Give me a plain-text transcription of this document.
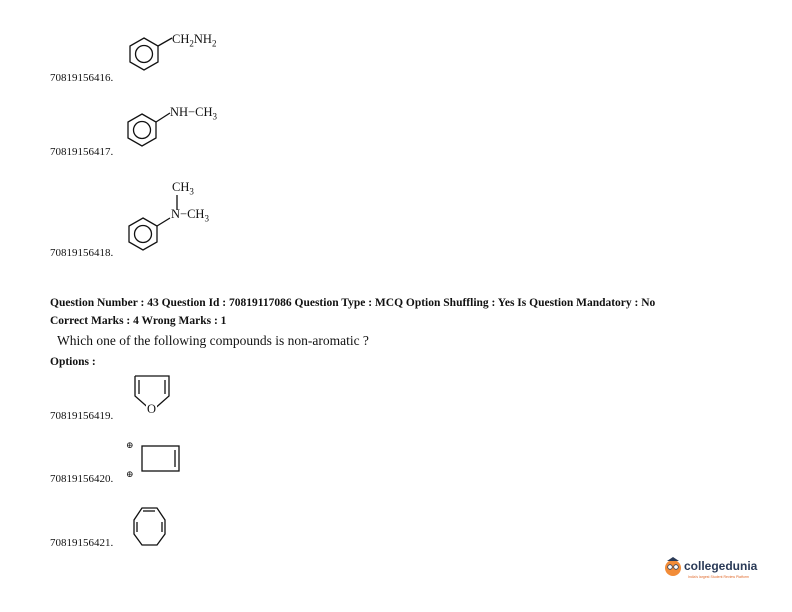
$CH_2NH_2$
70819156416.
$NH-CH_3$
70819156417.
$CH_3$
$N-CH_3$
70819156418.
Question Number : 43 Question Id : 70819117086 Question Type : MCQ Option Shuffling : Yes Is Question Mandatory : No
Correct Marks : 4 Wrong Marks : 1
Which one of the following compounds is non-aromatic ?
Options :
O
70819156419.
⊕
⊕
70819156420.
70819156421.
collegedunia
India's largest Student Review Platform
